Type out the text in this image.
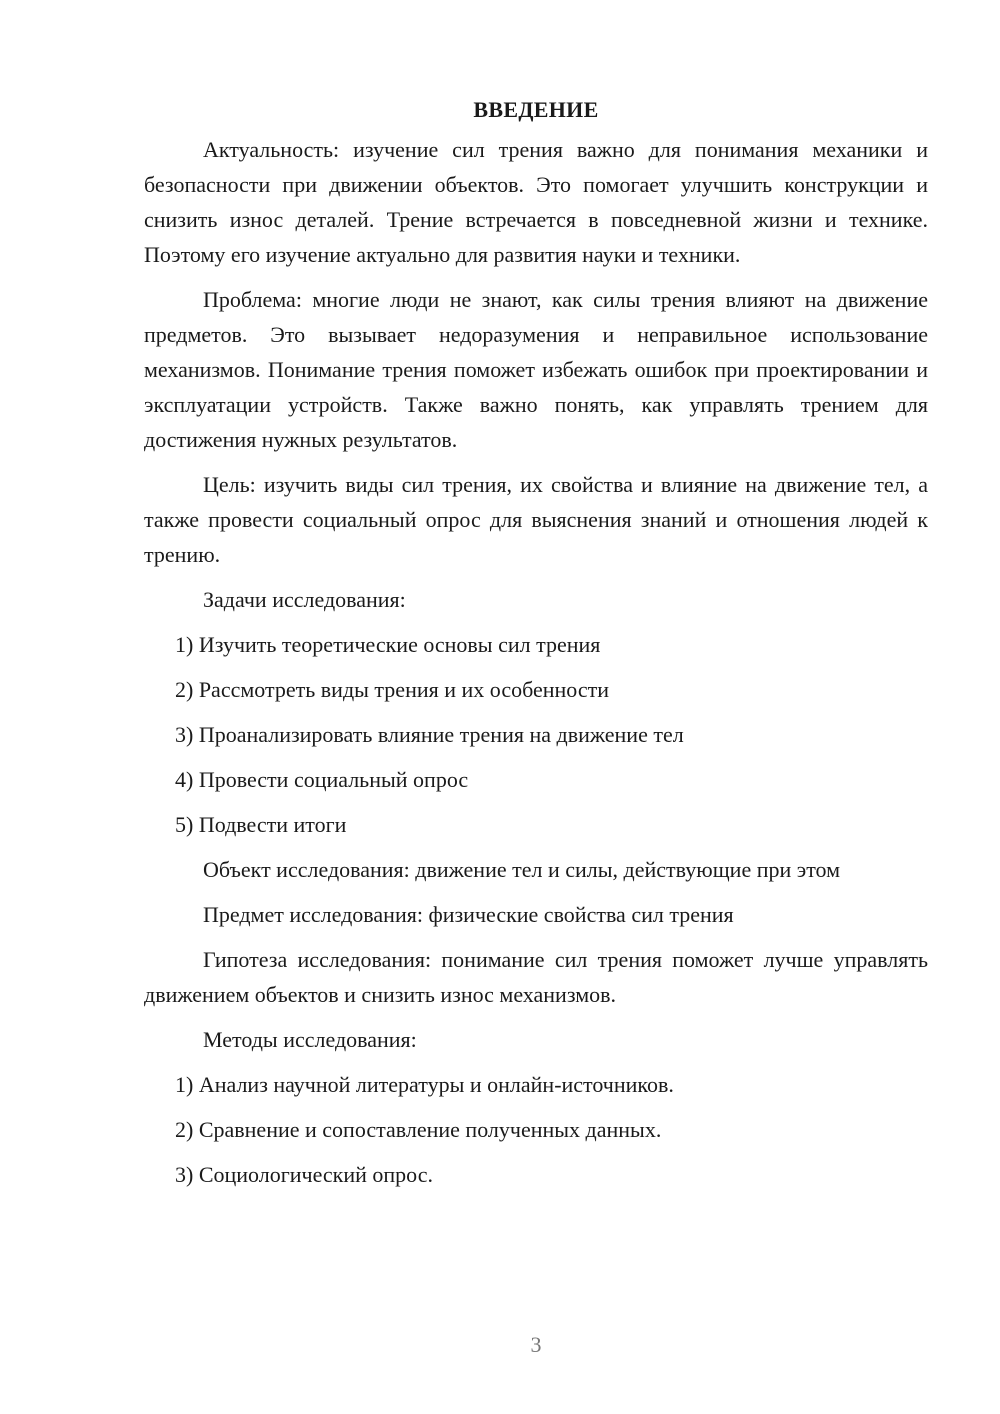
ВВЕДЕНИЕ

Актуальность: изучение сил трения важно для понимания механики и безопасности при движении объектов. Это помогает улучшить конструкции и снизить износ деталей. Трение встречается в повседневной жизни и технике. Поэтому его изучение актуально для развития науки и техники.

Проблема: многие люди не знают, как силы трения влияют на движение предметов. Это вызывает недоразумения и неправильное использование механизмов. Понимание трения поможет избежать ошибок при проектировании и эксплуатации устройств. Также важно понять, как управлять трением для достижения нужных результатов.

Цель: изучить виды сил трения, их свойства и влияние на движение тел, а также провести социальный опрос для выяснения знаний и отношения людей к трению.

Задачи исследования:
1) Изучить теоретические основы сил трения
2) Рассмотреть виды трения и их особенности
3) Проанализировать влияние трения на движение тел
4) Провести социальный опрос
5) Подвести итоги
Объект исследования: движение тел и силы, действующие при этом
Предмет исследования: физические свойства сил трения

Гипотеза исследования: понимание сил трения поможет лучше управлять движением объектов и снизить износ механизмов.

Методы исследования:
1) Анализ научной литературы и онлайн-источников.
2) Сравнение и сопоставление полученных данных.
3) Социологический опрос.
3
